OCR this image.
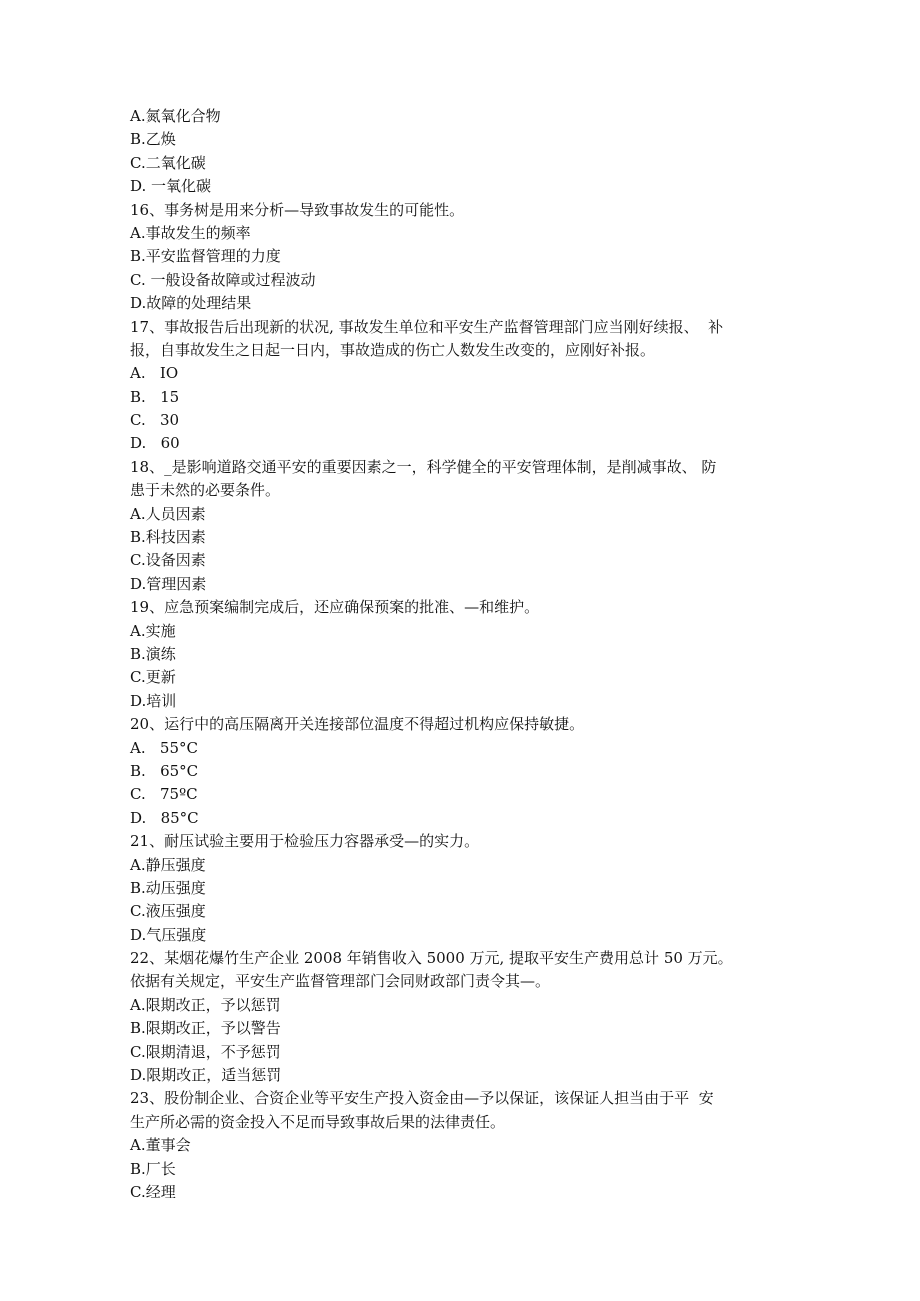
A.氮氧化合物
B.乙焕
C.二氧化碳
D. 一氧化碳
16、事务树是用来分析—导致事故发生的可能性。
A.事故发生的频率
B.平安监督管理的力度
C. 一般设备故障或过程波动
D.故障的处理结果
17、事故报告后出现新的状况, 事故发生单位和平安生产监督管理部门应当刚好续报、  补
报，自事故发生之日起一日内，事故造成的伤亡人数发生改变的，应刚好补报。
A.   IO
B.   15
C.   30
D.   60
18、_是影响道路交通平安的重要因素之一，科学健全的平安管理体制，是削减事故、 防
患于未然的必要条件。
A.人员因素
B.科技因素
C.设备因素
D.管理因素
19、应急预案编制完成后，还应确保预案的批准、—和维护。
A.实施
B.演练
C.更新
D.培训
20、运行中的高压隔离开关连接部位温度不得超过机构应保持敏捷。
A.   55°C
B.   65°C
C.   75ºC
D.   85°C
21、耐压试验主要用于检验压力容器承受—的实力。
A.静压强度
B.动压强度
C.液压强度
D.气压强度
22、某烟花爆竹生产企业 2008 年销售收入 5000 万元, 提取平安生产费用总计 50 万元。
依据有关规定，平安生产监督管理部门会同财政部门责令其—。
A.限期改正，予以惩罚
B.限期改正，予以警告
C.限期清退，不予惩罚
D.限期改正，适当惩罚
23、股份制企业、合资企业等平安生产投入资金由—予以保证，该保证人担当由于平  安
生产所必需的资金投入不足而导致事故后果的法律责任。
A.董事会
B.厂长
C.经理
